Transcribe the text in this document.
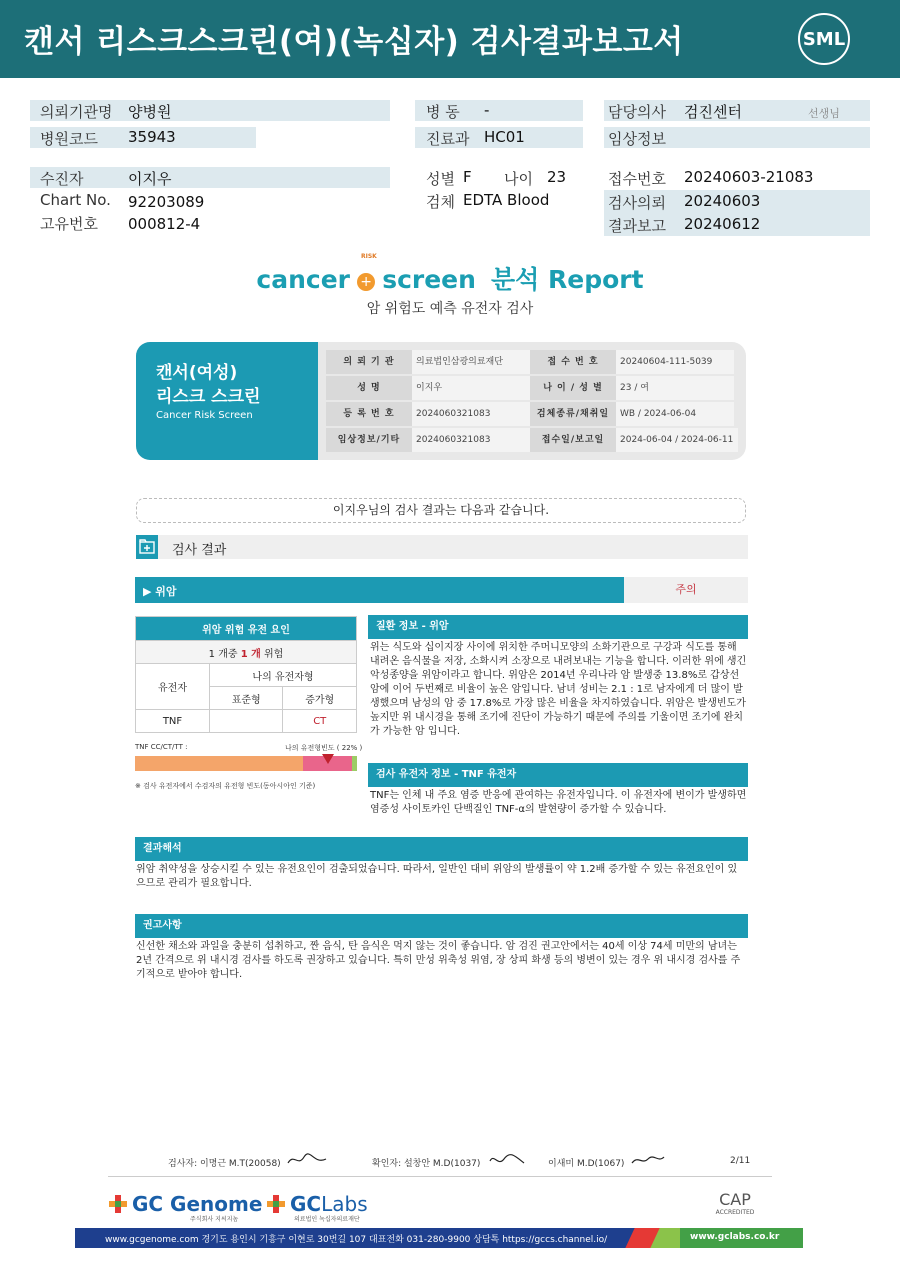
캔서 리스크스크린(여)(녹십자) 검사결과보고서	SML
의뢰기관명 양병원
병원코드 35943
병 동 -
진료과 HC01
담당의사 검진센터	선생님
임상정보
수진자	이지우
Chart No. 92203089
고유번호 000812-4
성별 F 나이 23
검체 EDTA Blood
접수번호 20240603-21083
검사의뢰 20240603
결과보고 20240612
cancer + screen 분석 Report
RISK
암 위험도 예측 유전자 검사
캔서(여성)
리스크 스크린
Cancer Risk Screen
의 뢰 기 관	의료법인삼광의료재단	접 수 번 호	20240604-111-5039
성 명	이지우	나 이 / 성 별	23 / 여
등 록 번 호	2024060321083	검체종류/채취일	WB / 2024-06-04
임상정보/기타	2024060321083	접수일/보고일	2024-06-04 / 2024-06-11
이지우님의 검사 결과는 다음과 같습니다.
검사 결과
▶ 위암	주의
위암 위험 유전 요인		
1 개중 1 개 위험		
유전자	나의 유전자형	
	표준형	증가형
TNF		CT
TNF CC/CT/TT :	나의 유전형빈도 ( 22% )
※ 검사 유전자에서 수검자의 유전형 빈도(동아시아인 기준)
질환 정보 - 위암
위는 식도와 십이지장 사이에 위치한 주머니모양의 소화기관으로 구강과 식도를 통해 내려온 음식물을 저장, 소화시켜 소장으로 내려보내는 기능을 합니다. 이러한 위에 생긴 악성종양을 위암이라고 합니다. 위암은 2014년 우리나라 암 발생중 13.8%로 갑상선암에 이어 두번째로 비율이 높은 암입니다. 남녀 성비는 2.1 : 1로 남자에게 더 많이 발생했으며 남성의 암 중 17.8%로 가장 많은 비율을 차지하였습니다. 위암은 발생빈도가 높지만 위 내시경을 통해 조기에 진단이 가능하기 때문에 주의를 기울이면 조기에 완치가 가능한 암 입니다.
검사 유전자 정보 - TNF 유전자
TNF는 인체 내 주요 염증 반응에 관여하는 유전자입니다. 이 유전자에 변이가 발생하면 염증성 사이토카인 단백질인 TNF-α의 발현량이 증가할 수 있습니다.
결과해석
위암 취약성을 상승시킬 수 있는 유전요인이 검출되었습니다. 따라서, 일반인 대비 위암의 발생률이 약 1.2배 증가할 수 있는 유전요인이 있으므로 관리가 필요합니다.
권고사항
신선한 채소와 과일을 충분히 섭취하고, 짠 음식, 탄 음식은 먹지 않는 것이 좋습니다. 암 검진 권고안에서는 40세 이상 74세 미만의 남녀는 2년 간격으로 위 내시경 검사를 하도록 권장하고 있습니다. 특히 만성 위축성 위염, 장 상피 화생 등의 병변이 있는 경우 위 내시경 검사를 주기적으로 받아야 합니다.
검사자: 이명근 M.T(20058)	확인자: 설창안 M.D(1037)	이새미 M.D(1067)	2/11
GC Genome
주식회사 지씨지놈
GCLabs
의료법인 녹십자의료재단
CAP
ACCREDITED
www.gcgenome.com 경기도 용인시 기흥구 이현로 30번길 107 대표전화 031-280-9900 상담톡 https://gccs.channel.io/	www.gclabs.co.kr
